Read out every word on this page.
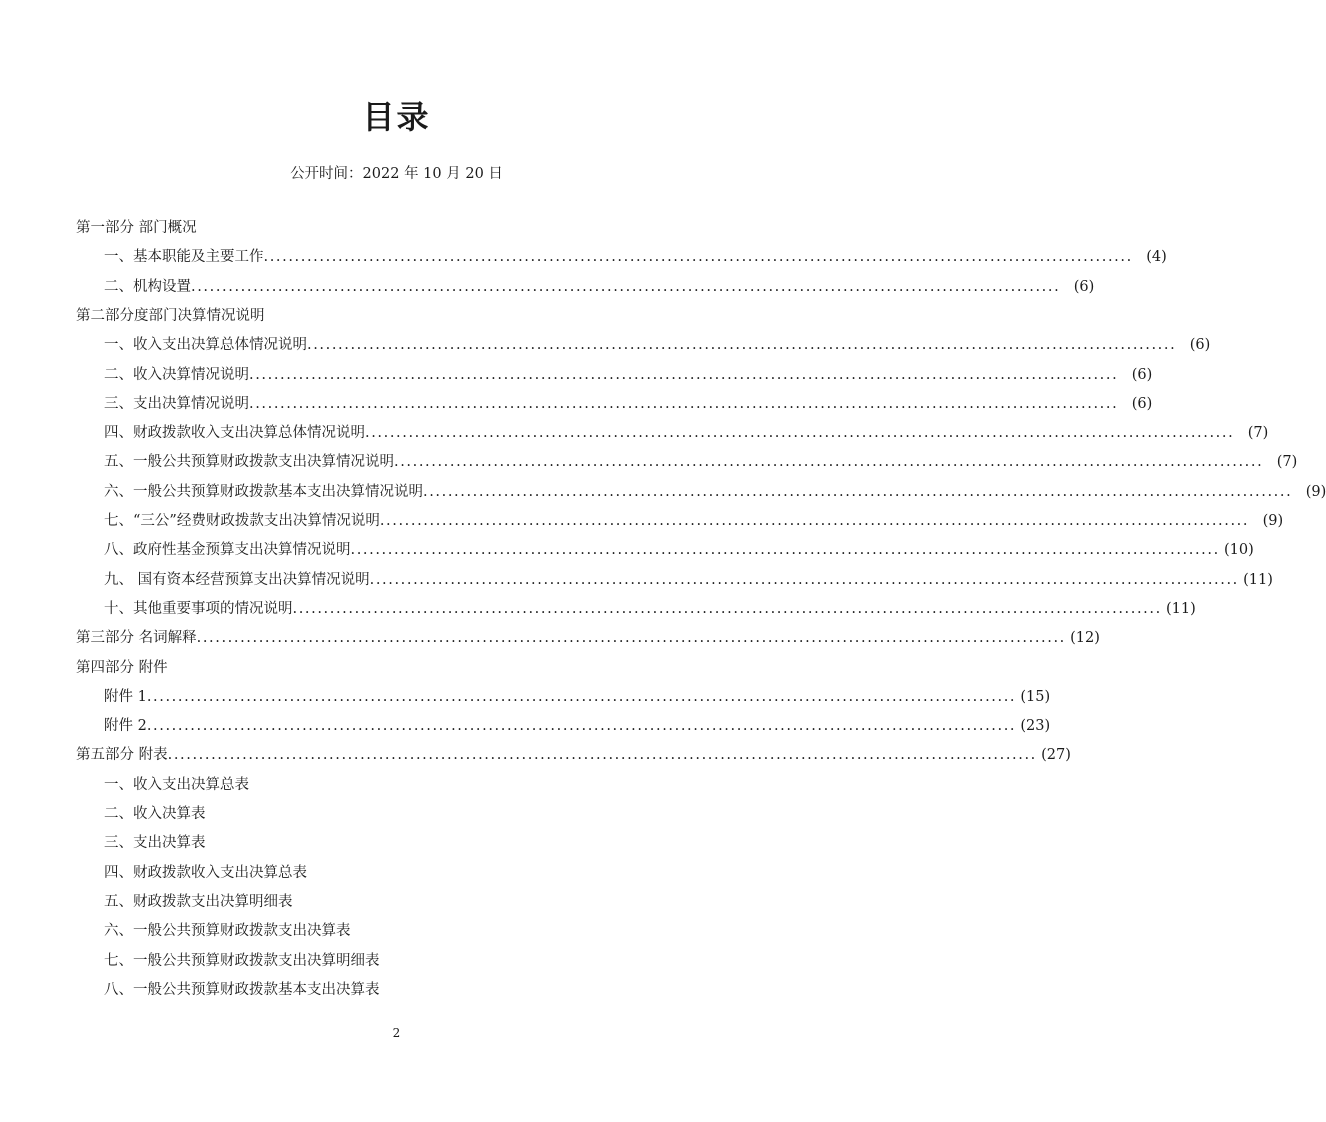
目录
公开时间：2022 年 10 月 20 日
第一部分 部门概况
一、基本职能及主要工作 ............................................................................................................................................ (4)
二、机构设置 ............................................................................................................................................ (6)
第二部分度部门决算情况说明
一、收入支出决算总体情况说明 ............................................................................................................................................ (6)
二、收入决算情况说明 ............................................................................................................................................ (6)
三、支出决算情况说明 ............................................................................................................................................ (6)
四、财政拨款收入支出决算总体情况说明 ............................................................................................................................................ (7)
五、一般公共预算财政拨款支出决算情况说明 ............................................................................................................................................ (7)
六、一般公共预算财政拨款基本支出决算情况说明 ............................................................................................................................................ (9)
七、“三公”经费财政拨款支出决算情况说明 ............................................................................................................................................ (9)
八、政府性基金预算支出决算情况说明 ............................................................................................................................................ (10)
九、 国有资本经营预算支出决算情况说明 ............................................................................................................................................ (11)
十、其他重要事项的情况说明 ............................................................................................................................................ (11)
第三部分 名词解释 ............................................................................................................................................ (12)
第四部分 附件
附件 1 ............................................................................................................................................ (15)
附件 2 ............................................................................................................................................ (23)
第五部分 附表 ............................................................................................................................................ (27)
一、收入支出决算总表
二、收入决算表
三、支出决算表
四、财政拨款收入支出决算总表
五、财政拨款支出决算明细表
六、一般公共预算财政拨款支出决算表
七、一般公共预算财政拨款支出决算明细表
八、一般公共预算财政拨款基本支出决算表
2
